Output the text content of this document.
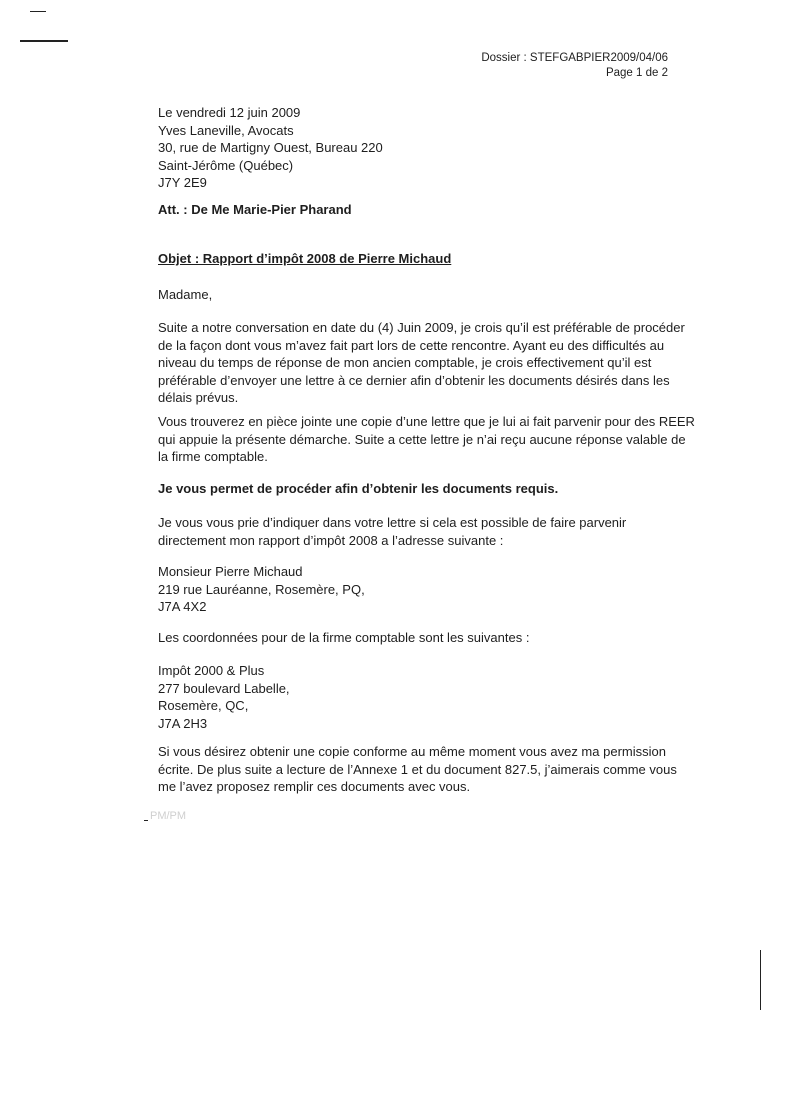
PM/PM
Dossier : STEFGABPIER2009/04/06
Page 1 de 2
Le vendredi 12 juin 2009
Yves Laneville, Avocats
30, rue de Martigny Ouest, Bureau 220
Saint-Jérôme (Québec)
J7Y 2E9
Att. : De Me Marie-Pier Pharand
Objet : Rapport d’impôt 2008 de Pierre Michaud
Madame,
Suite a notre conversation en date du (4) Juin 2009, je crois qu’il est préférable de procéder
de la façon dont vous m’avez fait part lors de cette rencontre. Ayant eu des difficultés au
niveau du temps de réponse de mon ancien comptable, je crois effectivement qu’il est
préférable d’envoyer une lettre à ce dernier afin d’obtenir les documents désirés dans les
délais prévus.
Vous trouverez en pièce jointe une copie d’une lettre que je lui ai fait parvenir pour des REER
qui appuie la présente démarche. Suite a cette lettre je n’ai reçu aucune réponse valable de
la firme comptable.
Je vous permet de procéder afin d’obtenir les documents requis.
Je vous vous prie d’indiquer dans votre lettre si cela est possible de faire parvenir
directement mon rapport d’impôt 2008 a l’adresse suivante :
Monsieur Pierre Michaud
219 rue Lauréanne, Rosemère, PQ,
J7A 4X2
Les coordonnées pour de la firme comptable sont les suivantes :
Impôt 2000 & Plus
277 boulevard Labelle,
Rosemère, QC,
J7A 2H3
Si vous désirez obtenir une copie conforme au même moment vous avez ma permission
écrite. De plus suite a lecture de l’Annexe 1 et du document 827.5, j’aimerais comme vous
me l’avez proposez remplir ces documents avec vous.
